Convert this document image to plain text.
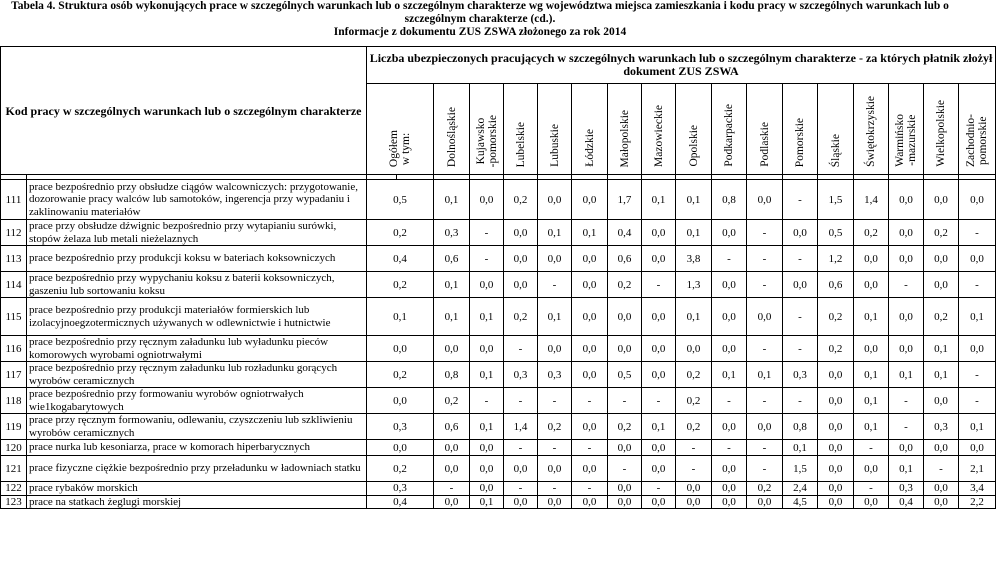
Tabela 4. Struktura osób wykonujących prace w szczególnych warunkach lub o szczególnym charakterze wg województwa miejsca zamieszkania i kodu pracy w szczególnych warunkach lub o
szczególnym charakterze (cd.).
Informacje z dokumentu ZUS ZSWA złożonego za rok 2014
Kod pracy w szczególnych warunkach lub o szczególnym charakterze		Liczba ubezpieczonych pracujących w szczególnych warunkach lub o szczególnym charakterze - za których płatnik złożył dokument ZUS ZSWA																	
		Ogółem
w tym:		Dolnośląskie	Kujawsko
-pomorskie	Lubelskie	Lubuskie	Łódzkie	Małopolskie	Mazowieckie	Opolskie	Podkarpackie	Podlaskie	Pomorskie	Śląskie	Świętokrzyskie	Warmińsko
-mazurskie	Wielkopolskie	Zachodnio-
pomorskie

111	prace bezpośrednio przy obsłudze ciągów walcowniczych: przygotowanie, dozorowanie pracy walców lub samotoków, ingerencja przy wypadaniu i zaklinowaniu materiałów	0,5		0,1	0,0	0,2	0,0	0,0	1,7	0,1	0,1	0,8	0,0	-	1,5	1,4	0,0	0,0	0,0
112	prace przy obsłudze dźwignic bezpośrednio przy wytapianiu surówki, stopów żelaza lub metali nieżelaznych	0,2		0,3	-	0,0	0,1	0,1	0,4	0,0	0,1	0,0	-	0,0	0,5	0,2	0,0	0,2	-
113	prace bezpośrednio przy produkcji koksu w bateriach koksowniczych	0,4		0,6	-	0,0	0,0	0,0	0,6	0,0	3,8	-	-	-	1,2	0,0	0,0	0,0	0,0
114	prace bezpośrednio przy wypychaniu koksu z baterii koksowniczych, gaszeniu lub sortowaniu koksu	0,2		0,1	0,0	0,0	-	0,0	0,2	-	1,3	0,0	-	0,0	0,6	0,0	-	0,0	-
115	prace bezpośrednio przy produkcji materiałów formierskich lub izolacyjnoegzotermicznych używanych w odlewnictwie i hutnictwie	0,1		0,1	0,1	0,2	0,1	0,0	0,0	0,0	0,1	0,0	0,0	-	0,2	0,1	0,0	0,2	0,1
116	prace bezpośrednio przy ręcznym załadunku lub wyładunku pieców komorowych wyrobami ogniotrwałymi	0,0		0,0	0,0	-	0,0	0,0	0,0	0,0	0,0	0,0	-	-	0,2	0,0	0,0	0,1	0,0
117	prace bezpośrednio przy ręcznym załadunku lub rozładunku gorących wyrobów ceramicznych	0,2		0,8	0,1	0,3	0,3	0,0	0,5	0,0	0,2	0,1	0,1	0,3	0,0	0,1	0,1	0,1	-
118	prace bezpośrednio przy formowaniu wyrobów ogniotrwałych wie1kogabarytowych	0,0		0,2	-	-	-	-	-	-	0,2	-	-	-	0,0	0,1	-	0,0	-
119	prace przy ręcznym formowaniu, odlewaniu, czyszczeniu lub szkliwieniu wyrobów ceramicznych	0,3		0,6	0,1	1,4	0,2	0,0	0,2	0,1	0,2	0,0	0,0	0,8	0,0	0,1	-	0,3	0,1
120	prace nurka lub kesoniarza, prace w komorach hiperbarycznych	0,0		0,0	0,0	-	-	-	0,0	0,0	-	-	-	0,1	0,0	-	0,0	0,0	0,0
121	prace fizyczne ciężkie bezpośrednio przy przeładunku w ładowniach statku	0,2		0,0	0,0	0,0	0,0	0,0	-	0,0	-	0,0	-	1,5	0,0	0,0	0,1	-	2,1
122	prace rybaków morskich	0,3		-	0,0	-	-	-	0,0	-	0,0	0,0	0,2	2,4	0,0	-	0,3	0,0	3,4
123	prace na statkach żeglugi morskiej	0,4		0,0	0,1	0,0	0,0	0,0	0,0	0,0	0,0	0,0	0,0	4,5	0,0	0,0	0,4	0,0	2,2
